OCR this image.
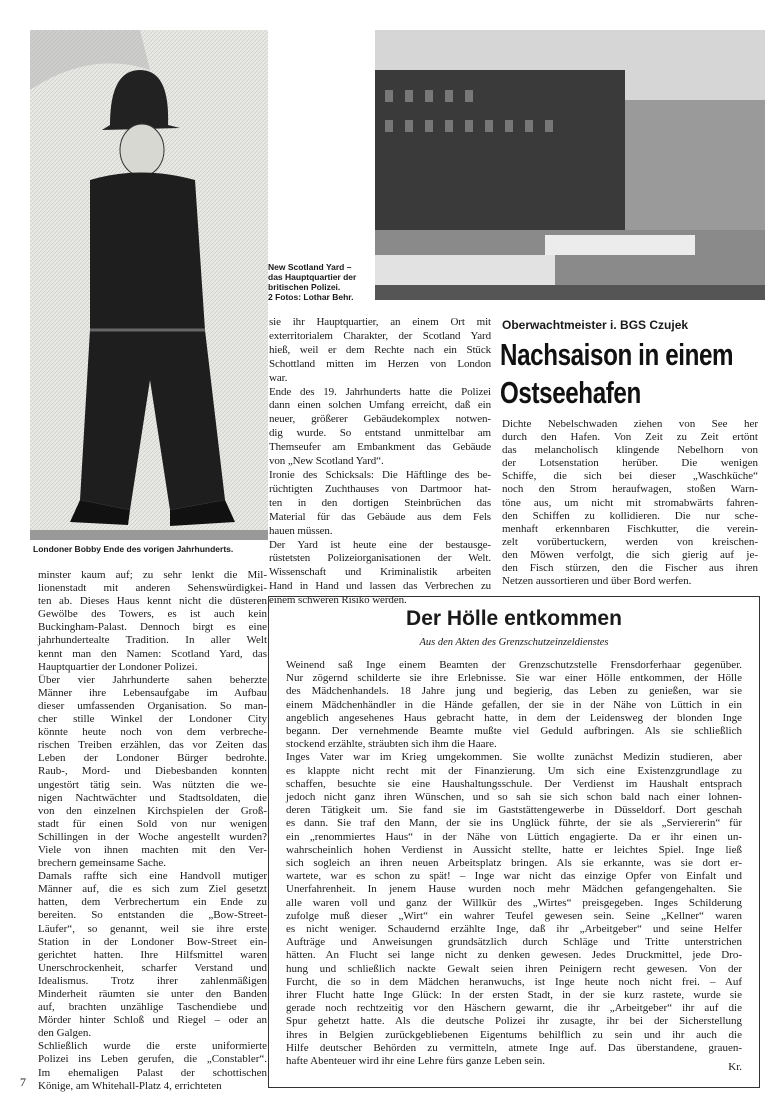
Londoner Bobby Ende des vorigen Jahrhunderts.
New Scotland Yard –
das Hauptquartier der
britischen Polizei.
2 Fotos: Lothar Behr.
minster kaum auf; zu sehr lenkt die Mil-
lionenstadt mit anderen Sehenswürdigkei-
ten ab. Dieses Haus kennt nicht die düsteren
Gewölbe des Towers, es ist auch kein
Buckingham-Palast. Dennoch birgt es eine
jahrhundertealte Tradition. In aller Welt
kennt man den Namen: Scotland Yard, das
Hauptquartier der Londoner Polizei.
Über vier Jahrhunderte sahen beherzte
Männer ihre Lebensaufgabe im Aufbau
dieser umfassenden Organisation. So man-
cher stille Winkel der Londoner City
könnte heute noch von dem verbreche-
rischen Treiben erzählen, das vor Zeiten das
Leben der Londoner Bürger bedrohte.
Raub-, Mord- und Diebesbanden konnten
ungestört tätig sein. Was nützten die we-
nigen Nachtwächter und Stadtsoldaten, die
von den einzelnen Kirchspielen der Groß-
stadt für einen Sold von nur wenigen
Schillingen in der Woche angestellt wurden?
Viele von ihnen machten mit den Ver-
brechern gemeinsame Sache.
Damals raffte sich eine Handvoll mutiger
Männer auf, die es sich zum Ziel gesetzt
hatten, dem Verbrechertum ein Ende zu
bereiten. So entstanden die „Bow-Street-
Läufer“, so genannt, weil sie ihre erste
Station in der Londoner Bow-Street ein-
gerichtet hatten. Ihre Hilfsmittel waren
Unerschrockenheit, scharfer Verstand und
Idealismus. Trotz ihrer zahlenmäßigen
Minderheit räumten sie unter den Banden
auf, brachten unzählige Taschendiebe und
Mörder hinter Schloß und Riegel – oder an
den Galgen.
Schließlich wurde die erste uniformierte
Polizei ins Leben gerufen, die „Constabler“.
Im ehemaligen Palast der schottischen
Könige, am Whitehall-Platz 4, errichteten
sie ihr Hauptquartier, an einem Ort mit
exterritorialem Charakter, der Scotland Yard
hieß, weil er dem Rechte nach ein Stück
Schottland mitten im Herzen von London
war.
Ende des 19. Jahrhunderts hatte die Polizei
dann einen solchen Umfang erreicht, daß ein
neuer, größerer Gebäudekomplex notwen-
dig wurde. So entstand unmittelbar am
Themseufer am Embankment das Gebäude
von „New Scotland Yard“.
Ironie des Schicksals: Die Häftlinge des be-
rüchtigten Zuchthauses von Dartmoor hat-
ten in den dortigen Steinbrüchen das
Material für das Gebäude aus dem Fels
hauen müssen.
Der Yard ist heute eine der bestausge-
rüstetsten Polizeiorganisationen der Welt.
Wissenschaft und Kriminalistik arbeiten
Hand in Hand und lassen das Verbrechen zu
einem schweren Risiko werden.
Oberwachtmeister i. BGS Czujek
Nachsaison in einem
Ostseehafen
Dichte Nebelschwaden ziehen von See her
durch den Hafen. Von Zeit zu Zeit ertönt
das melancholisch klingende Nebelhorn von
der Lotsenstation herüber. Die wenigen
Schiffe, die sich bei dieser „Waschküche“
noch den Strom heraufwagen, stoßen Warn-
töne aus, um nicht mit stromabwärts fahren-
den Schiffen zu kollidieren. Die nur sche-
menhaft erkennbaren Fischkutter, die verein-
zelt vorübertuckern, werden von kreischen-
den Möwen verfolgt, die sich gierig auf je-
den Fisch stürzen, den die Fischer aus ihren
Netzen aussortieren und über Bord werfen.
Der Hölle entkommen
Aus den Akten des Grenzschutzeinzeldienstes
Weinend saß Inge einem Beamten der Grenzschutzstelle Frensdorferhaar gegenüber.
Nur zögernd schilderte sie ihre Erlebnisse. Sie war einer Hölle entkommen, der Hölle
des Mädchenhandels. 18 Jahre jung und begierig, das Leben zu genießen, war sie
einem Mädchenhändler in die Hände gefallen, der sie in der Nähe von Lüttich in ein
angeblich angesehenes Haus gebracht hatte, in dem der Leidensweg der blonden Inge
begann. Der vernehmende Beamte mußte viel Geduld aufbringen. Als sie schließlich
stockend erzählte, sträubten sich ihm die Haare.
Inges Vater war im Krieg umgekommen. Sie wollte zunächst Medizin studieren, aber
es klappte nicht recht mit der Finanzierung. Um sich eine Existenzgrundlage zu
schaffen, besuchte sie eine Haushaltungsschule. Der Verdienst im Haushalt entsprach
jedoch nicht ganz ihren Wünschen, und so sah sie sich schon bald nach einer lohnen-
deren Tätigkeit um. Sie fand sie im Gaststättengewerbe in Düsseldorf. Dort geschah
es dann. Sie traf den Mann, der sie ins Unglück führte, der sie als „Serviererin“ für
ein „renommiertes Haus“ in der Nähe von Lüttich engagierte. Da er ihr einen un-
wahrscheinlich hohen Verdienst in Aussicht stellte, hatte er leichtes Spiel. Inge ließ
sich sogleich an ihren neuen Arbeitsplatz bringen. Als sie erkannte, was sie dort er-
wartete, war es schon zu spät! – Inge war nicht das einzige Opfer von Einfalt und
Unerfahrenheit. In jenem Hause wurden noch mehr Mädchen gefangengehalten. Sie
alle waren voll und ganz der Willkür des „Wirtes“ preisgegeben. Inges Schilderung
zufolge muß dieser „Wirt“ ein wahrer Teufel gewesen sein. Seine „Kellner“ waren
es nicht weniger. Schaudernd erzählte Inge, daß ihr „Arbeitgeber“ und seine Helfer
Aufträge und Anweisungen grundsätzlich durch Schläge und Tritte unterstrichen
hätten. An Flucht sei lange nicht zu denken gewesen. Jedes Druckmittel, jede Dro-
hung und schließlich nackte Gewalt seien ihren Peinigern recht gewesen. Von der
Furcht, die so in dem Mädchen heranwuchs, ist Inge heute noch nicht frei. – Auf
ihrer Flucht hatte Inge Glück: In der ersten Stadt, in der sie kurz rastete, wurde sie
gerade noch rechtzeitig vor den Häschern gewarnt, die ihr „Arbeitgeber“ ihr auf die
Spur gehetzt hatte. Als die deutsche Polizei ihr zusagte, ihr bei der Sicherstellung
ihres in Belgien zurückgebliebenen Eigentums behilflich zu sein und ihr auch die
Hilfe deutscher Behörden zu vermitteln, atmete Inge auf. Das überstandene, grauen-
hafte Abenteuer wird ihr eine Lehre fürs ganze Leben sein.	Kr.
7
